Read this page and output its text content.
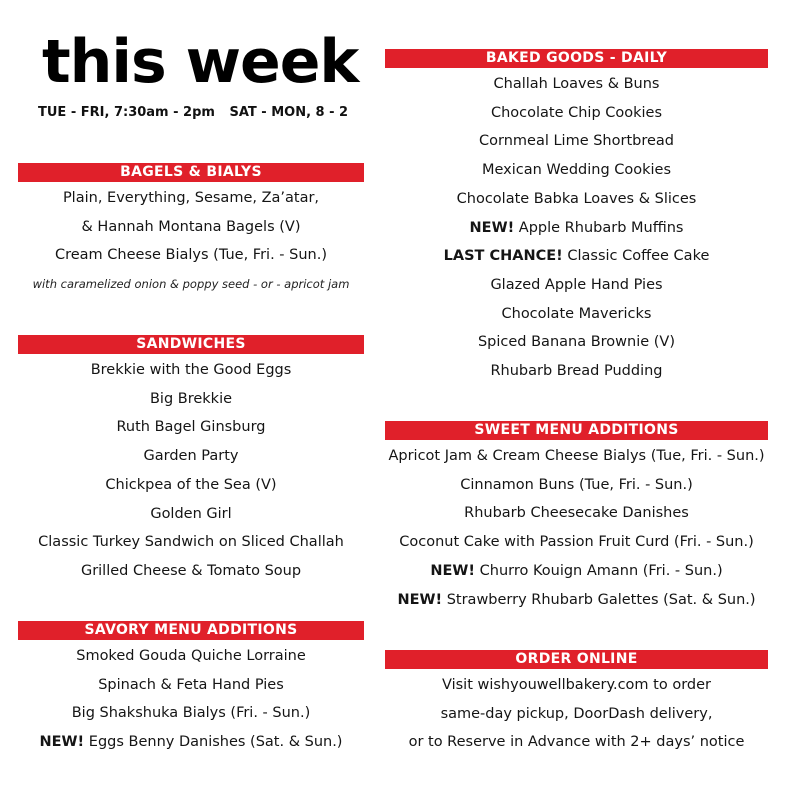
this week
TUE - FRI, 7:30am - 2pm SAT - MON, 8 - 2
BAGELS & BIALYS
Plain, Everything, Sesame, Za’atar,
& Hannah Montana Bagels (V)
Cream Cheese Bialys (Tue, Fri. - Sun.)
with caramelized onion & poppy seed - or - apricot jam
SANDWICHES
Brekkie with the Good Eggs
Big Brekkie
Ruth Bagel Ginsburg
Garden Party
Chickpea of the Sea (V)
Golden Girl
Classic Turkey Sandwich on Sliced Challah
Grilled Cheese & Tomato Soup
SAVORY MENU ADDITIONS
Smoked Gouda Quiche Lorraine
Spinach & Feta Hand Pies
Big Shakshuka Bialys (Fri. - Sun.)
NEW! Eggs Benny Danishes (Sat. & Sun.)
BAKED GOODS - DAILY
Challah Loaves & Buns
Chocolate Chip Cookies
Cornmeal Lime Shortbread
Mexican Wedding Cookies
Chocolate Babka Loaves & Slices
NEW! Apple Rhubarb Muffins
LAST CHANCE! Classic Coffee Cake
Glazed Apple Hand Pies
Chocolate Mavericks
Spiced Banana Brownie (V)
Rhubarb Bread Pudding
SWEET MENU ADDITIONS
Apricot Jam & Cream Cheese Bialys (Tue, Fri. - Sun.)
Cinnamon Buns (Tue, Fri. - Sun.)
Rhubarb Cheesecake Danishes
Coconut Cake with Passion Fruit Curd (Fri. - Sun.)
NEW! Churro Kouign Amann (Fri. - Sun.)
NEW! Strawberry Rhubarb Galettes (Sat. & Sun.)
ORDER ONLINE
Visit wishyouwellbakery.com to order
same-day pickup, DoorDash delivery,
or to Reserve in Advance with 2+ days’ notice
